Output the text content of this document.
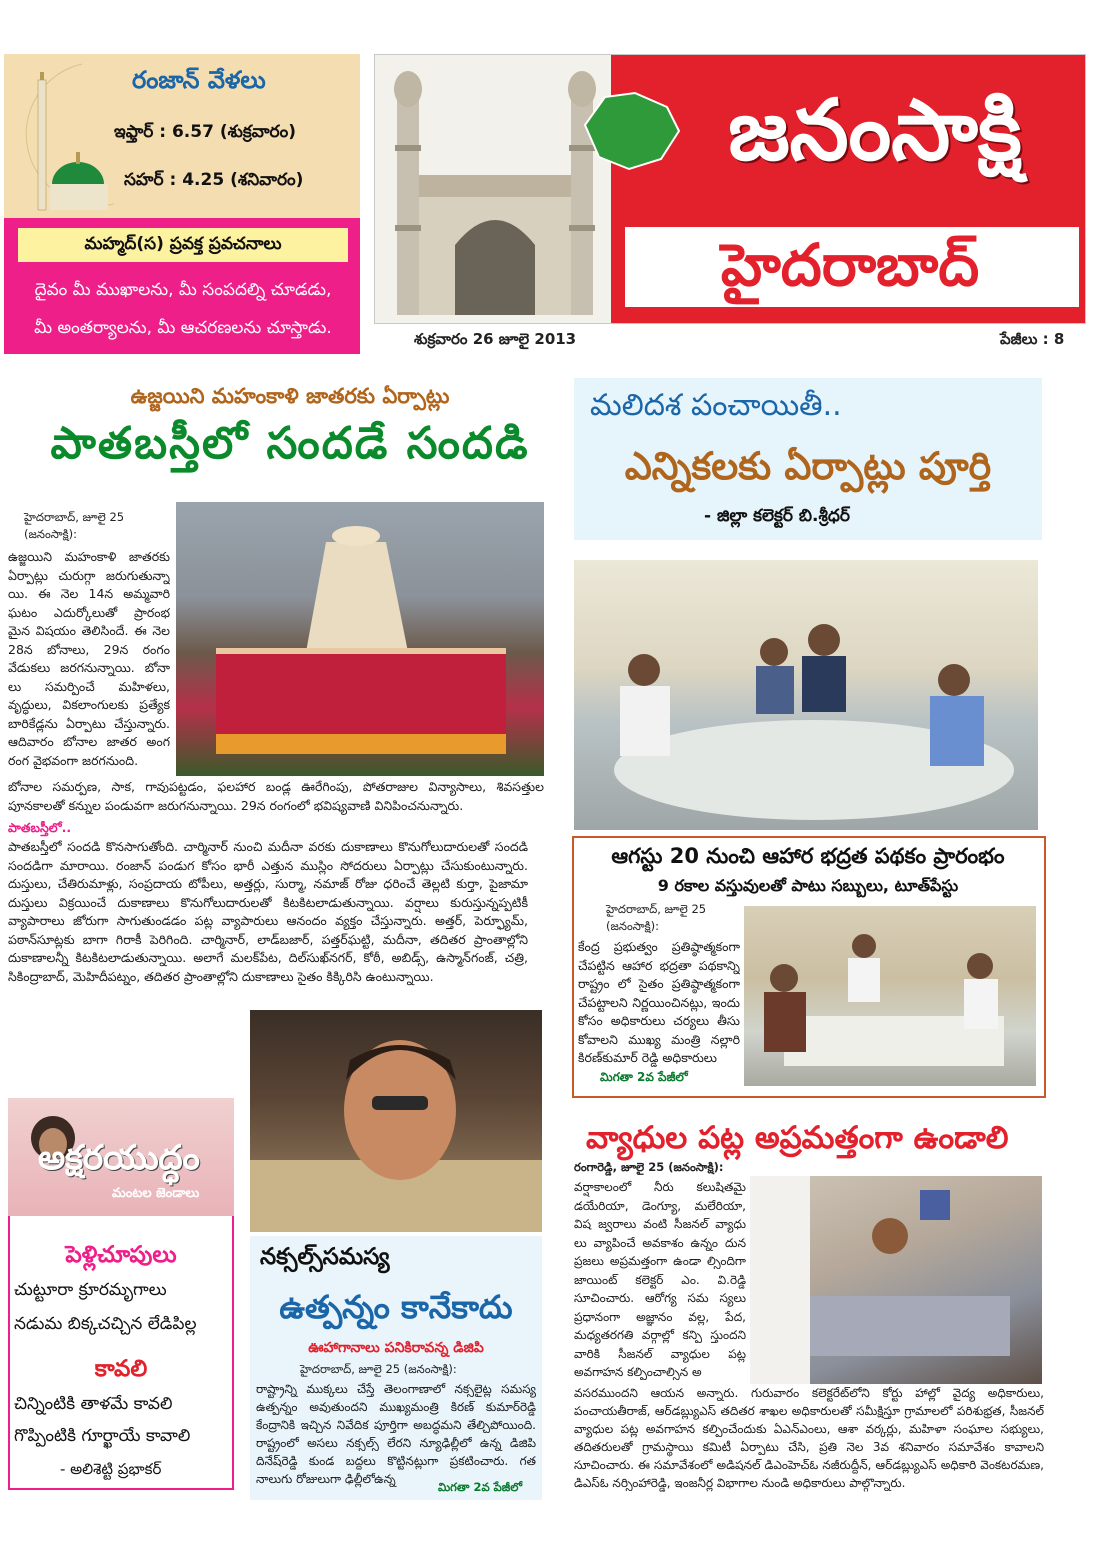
రంజాన్ వేళలు
ఇఫ్తార్ : 6.57 (శుక్రవారం)
సహర్ : 4.25 (శనివారం)
మహ్మద్(స) ప్రవక్త ప్రవచనాలు
దైవం మీ ముఖాలను, మీ సంపదల్ని చూడడు,
మీ అంతర్యాలను, మీ ఆచరణలను చూస్తాడు.
జనంసాక్షి
హైదరాబాద్
శుక్రవారం 26 జూలై 2013	పేజీలు : 8
ఉజ్జయిని మహంకాళి జాతరకు ఏర్పాట్లు
పాతబస్తీలో సందడే సందడి
హైదరాబాద్, జూలై 25 (జనంసాక్షి):
ఉజ్జయిని మహంకాళి జాతరకు ఏర్పాట్లు చురుగ్గా జరుగుతున్నా యి. ఈ నెల 14న అమ్మవారి ఘటం ఎదుర్కోలుతో ప్రారంభ మైన విషయం తెలిసిందే. ఈ నెల 28న బోనాలు, 29న రంగం వేడుకలు జరగనున్నాయి. బోనా లు సమర్పించే మహిళలు, వృద్ధులు, వికలాంగులకు ప్రత్యేక బారికేడ్లను ఏర్పాటు చేస్తున్నారు. ఆదివారం బోనాల జాతర అంగ రంగ వైభవంగా జరగనుంది.
బోనాల సమర్పణ, సాక, గావుపట్టడం, ఫలహార బండ్ల ఊరేగింపు, పోతరాజుల విన్యాసాలు, శివసత్తుల పూనకాలతో కన్నుల పండువగా జరుగనున్నాయి. 29న రంగంలో భవిష్యవాణి వినిపించనున్నారు.
పాతబస్తీలో..
పాతబస్తీలో సందడి కొనసాగుతోంది. చార్మినార్ నుంచి మదీనా వరకు దుకాణాలు కొనుగోలుదారులతో సందడి సందడిగా మారాయి. రంజాన్ పండుగ కోసం భారీ ఎత్తున ముస్లిం సోదరులు ఏర్పాట్లు చేసుకుంటున్నారు. దుస్తులు, చేతిరుమాళ్లు, సంప్రదాయ టోపీలు, అత్తర్లు, సుర్మా, నమాజ్ రోజు ధరించే తెల్లటి కుర్తా, పైజామా దుస్తులు విక్రయించే దుకాణాలు కొనుగోలుదారులతో కిటకిటలాడుతున్నాయి. వర్షాలు కురుస్తున్నప్పటికీ వ్యాపారాలు జోరుగా సాగుతుండడం పట్ల వ్యాపారులు ఆనందం వ్యక్తం చేస్తున్నారు. అత్తర్, పెర్ఫ్యూమ్, పఠాన్‌సూట్లకు బాగా గిరాకీ పెరిగింది. చార్మినార్, లాడ్‌బజార్, పత్తర్‌ఘట్టి, మదీనా, తదితర ప్రాంతాల్లోని దుకాణాలన్నీ కిటకిటలాడుతున్నాయి. అలాగే మలక్‌పేట, దిల్‌సుఖ్‌నగర్, కోఠీ, అబిడ్స్, ఉస్మాన్‌గంజ్, చత్రి, సికింద్రాబాద్, మెహిదీపట్నం, తదితర ప్రాంతాల్లోని దుకాణాలు సైతం కిక్కిరిసి ఉంటున్నాయి.
మలిదశ పంచాయితీ..
ఎన్నికలకు ఏర్పాట్లు పూర్తి
- జిల్లా కలెక్టర్ బి.శ్రీధర్
ఆగస్టు 20 నుంచి ఆహార భద్రత పథకం ప్రారంభం
9 రకాల వస్తువులతో పాటు సబ్బులు, టూత్‌పేస్టు
హైదరాబాద్, జూలై 25 (జనంసాక్షి):
కేంద్ర ప్రభుత్వం ప్రతిష్ఠాత్మకంగా చేపట్టిన ఆహార భద్రతా పథకాన్ని రాష్ట్రం లో సైతం ప్రతిష్ఠాత్మకంగా చేపట్టాలని నిర్ణయించినట్లు, ఇందు కోసం అధికారులు చర్యలు తీసు కోవాలని ముఖ్య మంత్రి నల్లారి కిరణ్‌కుమార్ రెడ్డి అధికారులు
మిగతా 2వ పేజీలో
వ్యాధుల పట్ల అప్రమత్తంగా ఉండాలి
రంగారెడ్డి, జూలై 25 (జనంసాక్షి):
వర్షాకాలంలో నీరు కలుషితమై డయేరియా, డెంగ్యూ, మలేరియా, విష జ్వరాలు వంటి సీజనల్ వ్యాధు లు వ్యాపించే అవకాశం ఉన్నం దున ప్రజలు అప్రమత్తంగా ఉండా ల్సిందిగా జాయింట్ కలెక్టర్ ఎం. వి.రెడ్డి సూచించారు. ఆరోగ్య సమ స్యలు ప్రధానంగా అజ్ఞానం వల్ల, పేద, మధ్యతరగతి వర్గాల్లో కన్పి స్తుందని వారికి సీజనల్ వ్యాధుల పట్ల అవగాహన కల్పించాల్సిన అ
వసరముందని ఆయన అన్నారు. గురువారం కలెక్టరేట్‌లోని కోర్టు హాల్లో వైద్య అధికారులు, పంచాయతీరాజ్, ఆర్‌డబ్ల్యుఎస్ తదితర శాఖల అధికారులతో సమీక్షిస్తూ గ్రామాలలో పరిశుభ్రత, సీజనల్ వ్యాధుల పట్ల అవగాహన కల్పించేందుకు ఏఎన్ఎంలు, ఆశా వర్కర్లు, మహిళా సంఘాల సభ్యులు, తదితరులతో గ్రామస్థాయి కమిటీ ఏర్పాటు చేసి, ప్రతి నెల 3వ శనివారం సమావేశం కావాలని సూచించారు. ఈ సమావేశంలో అడిషనల్ డిఎంహెచ్ఓ నజీరుద్దీన్, ఆర్‌డబ్ల్యుఎస్ అధికారి వెంకటరమణ, డిఎస్ఓ నర్సింహారెడ్డి, ఇంజనీర్ల విభాగాల నుండి అధికారులు పాల్గొన్నారు.
నక్సల్స్‌సమస్య
ఉత్పన్నం కానేకాదు
ఊహాగానాలు పనికిరావన్న డిజిపి
హైదరాబాద్, జూలై 25 (జనంసాక్షి):
రాష్ట్రాన్ని ముక్కలు చేస్తే తెలంగాణాలో నక్సలైట్ల సమస్య ఉత్పన్నం అవుతుందని ముఖ్యమంత్రి కిరణ్ కుమార్‌రెడ్డి కేంద్రానికి ఇచ్చిన నివేదిక పూర్తిగా అబద్ధమని తేల్చిపోయింది. రాష్ట్రంలో అసలు నక్సల్స్ లేరని న్యూఢిల్లీలో ఉన్న డిజిపి దినేష్‌రెడ్డి కుండ బద్దలు కొట్టినట్లుగా ప్రకటించారు. గత నాలుగు రోజులుగా ఢిల్లీలోఉన్న
మిగతా 2వ పేజీలో
అక్షరయుద్ధం
మంటల జెండాలు
పెళ్లిచూపులు
చుట్టూరా క్రూరమృగాలు
నడుమ బిక్కచచ్చిన లేడిపిల్ల
కావలి
చిన్నింటికి తాళమే కావలి
గొప్పింటికి గూర్ఖాయే కావాలి
- అలిశెట్టి ప్రభాకర్
